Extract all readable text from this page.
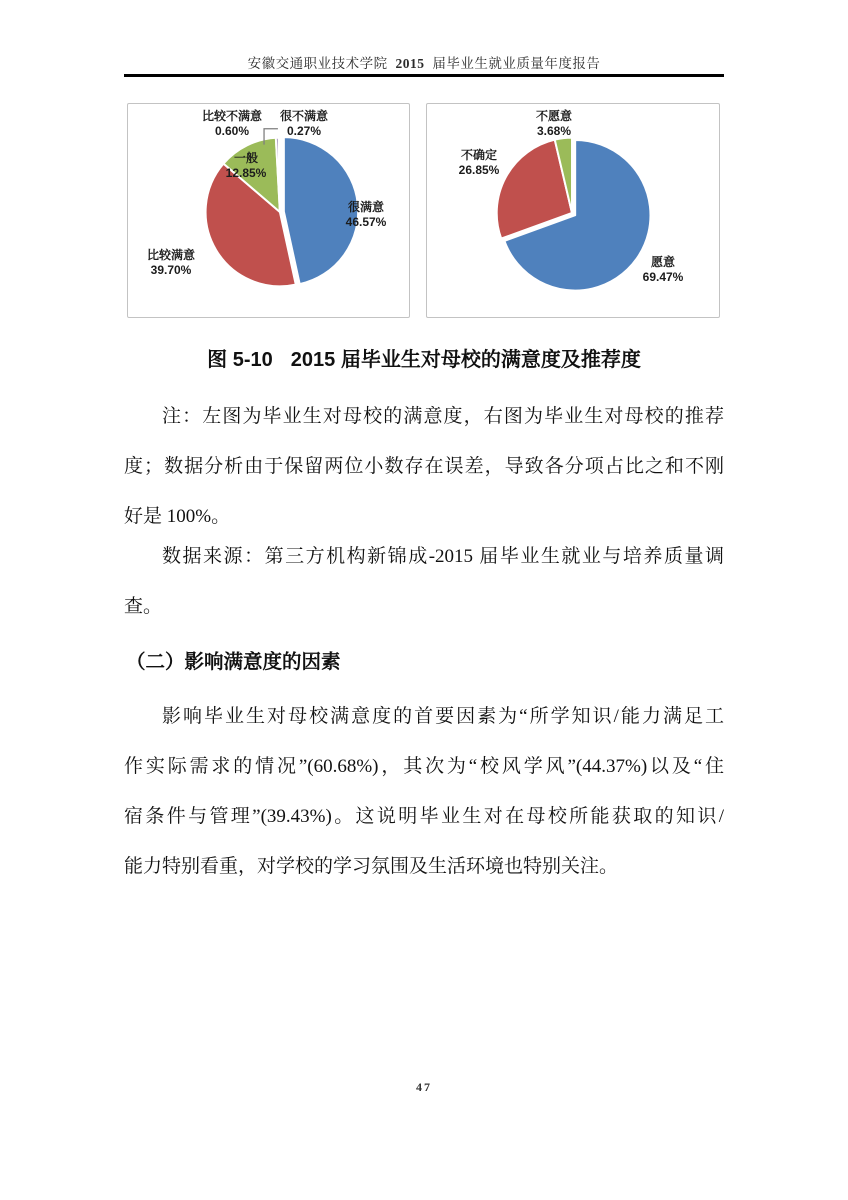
安徽交通职业技术学院 2015 届毕业生就业质量年度报告
很满意
46.57%
比较满意
39.70%
一般
12.85%
比较不满意
0.60%
很不满意
0.27%
愿意
69.47%
不确定
26.85%
不愿意
3.68%
图 5-10 2015 届毕业生对母校的满意度及推荐度
注：左图为毕业生对母校的满意度，右图为毕业生对母校的推荐
度；数据分析由于保留两位小数存在误差，导致各分项占比之和不刚
好是 100%。
数据来源：第三方机构新锦成-2015 届毕业生就业与培养质量调
查。
（二）影响满意度的因素
影响毕业生对母校满意度的首要因素为“所学知识/能力满足工
作实际需求的情况”(60.68%)，其次为“校风学风”(44.37%)以及“住
宿条件与管理”(39.43%)。这说明毕业生对在母校所能获取的知识/
能力特别看重，对学校的学习氛围及生活环境也特别关注。
47
